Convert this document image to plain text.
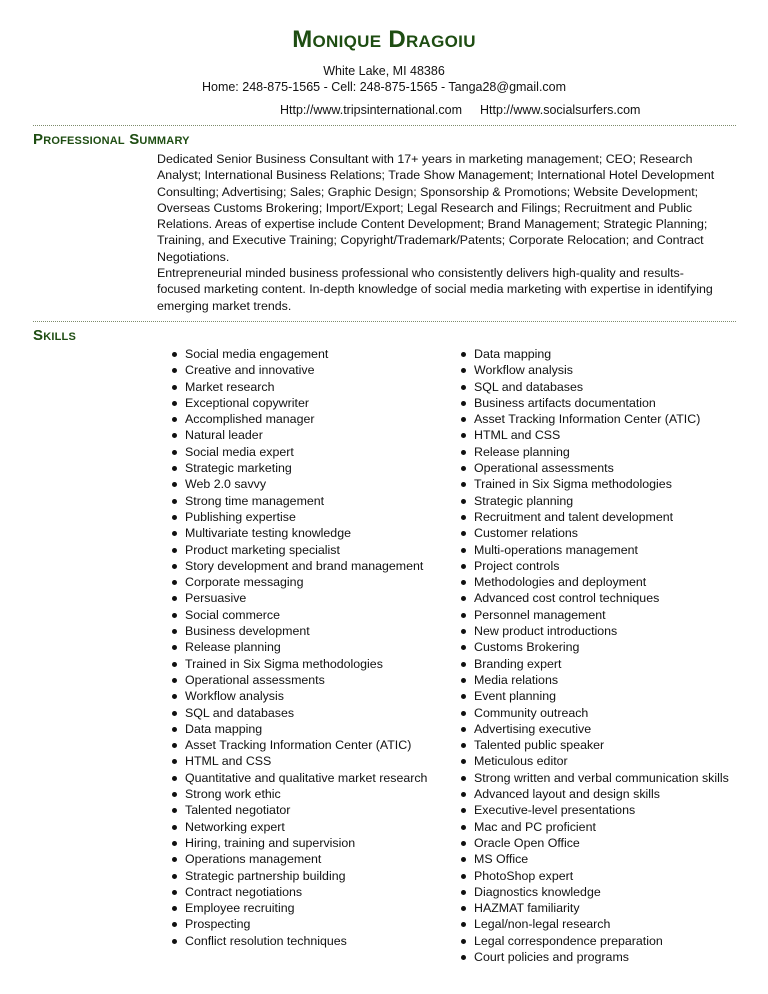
Monique Dragoiu
White Lake, MI 48386
Home: 248-875-1565 - Cell: 248-875-1565 - Tanga28@gmail.com
Http://www.tripsinternational.com Http://www.socialsurfers.com
Professional Summary

Dedicated Senior Business Consultant with 17+ years in marketing management; CEO; Research Analyst; International Business Relations; Trade Show Management; International Hotel Development Consulting; Advertising; Sales; Graphic Design; Sponsorship & Promotions; Website Development; Overseas Customs Brokering; Import/Export; Legal Research and Filings; Recruitment and Public Relations. Areas of expertise include Content Development; Brand Management; Strategic Planning; Training, and Executive Training; Copyright/Trademark/Patents; Corporate Relocation; and Contract Negotiations.

Entrepreneurial minded business professional who consistently delivers high-quality and results-focused marketing content. In-depth knowledge of social media marketing with expertise in identifying emerging market trends.

Skills
Social media engagement
Creative and innovative
Market research
Exceptional copywriter
Accomplished manager
Natural leader
Social media expert
Strategic marketing
Web 2.0 savvy
Strong time management
Publishing expertise
Multivariate testing knowledge
Product marketing specialist
Story development and brand management
Corporate messaging
Persuasive
Social commerce
Business development
Release planning
Trained in Six Sigma methodologies
Operational assessments
Workflow analysis
SQL and databases
Data mapping
Asset Tracking Information Center (ATIC)
HTML and CSS
Quantitative and qualitative market research
Strong work ethic
Talented negotiator
Networking expert
Hiring, training and supervision
Operations management
Strategic partnership building
Contract negotiations
Employee recruiting
Prospecting
Conflict resolution techniques
Data mapping
Workflow analysis
SQL and databases
Business artifacts documentation
Asset Tracking Information Center (ATIC)
HTML and CSS
Release planning
Operational assessments
Trained in Six Sigma methodologies
Strategic planning
Recruitment and talent development
Customer relations
Multi-operations management
Project controls
Methodologies and deployment
Advanced cost control techniques
Personnel management
New product introductions
Customs Brokering
Branding expert
Media relations
Event planning
Community outreach
Advertising executive
Talented public speaker
Meticulous editor
Strong written and verbal communication skills
Advanced layout and design skills
Executive-level presentations
Mac and PC proficient
Oracle Open Office
MS Office
PhotoShop expert
Diagnostics knowledge
HAZMAT familiarity
Legal/non-legal research
Legal correspondence preparation
Court policies and programs
